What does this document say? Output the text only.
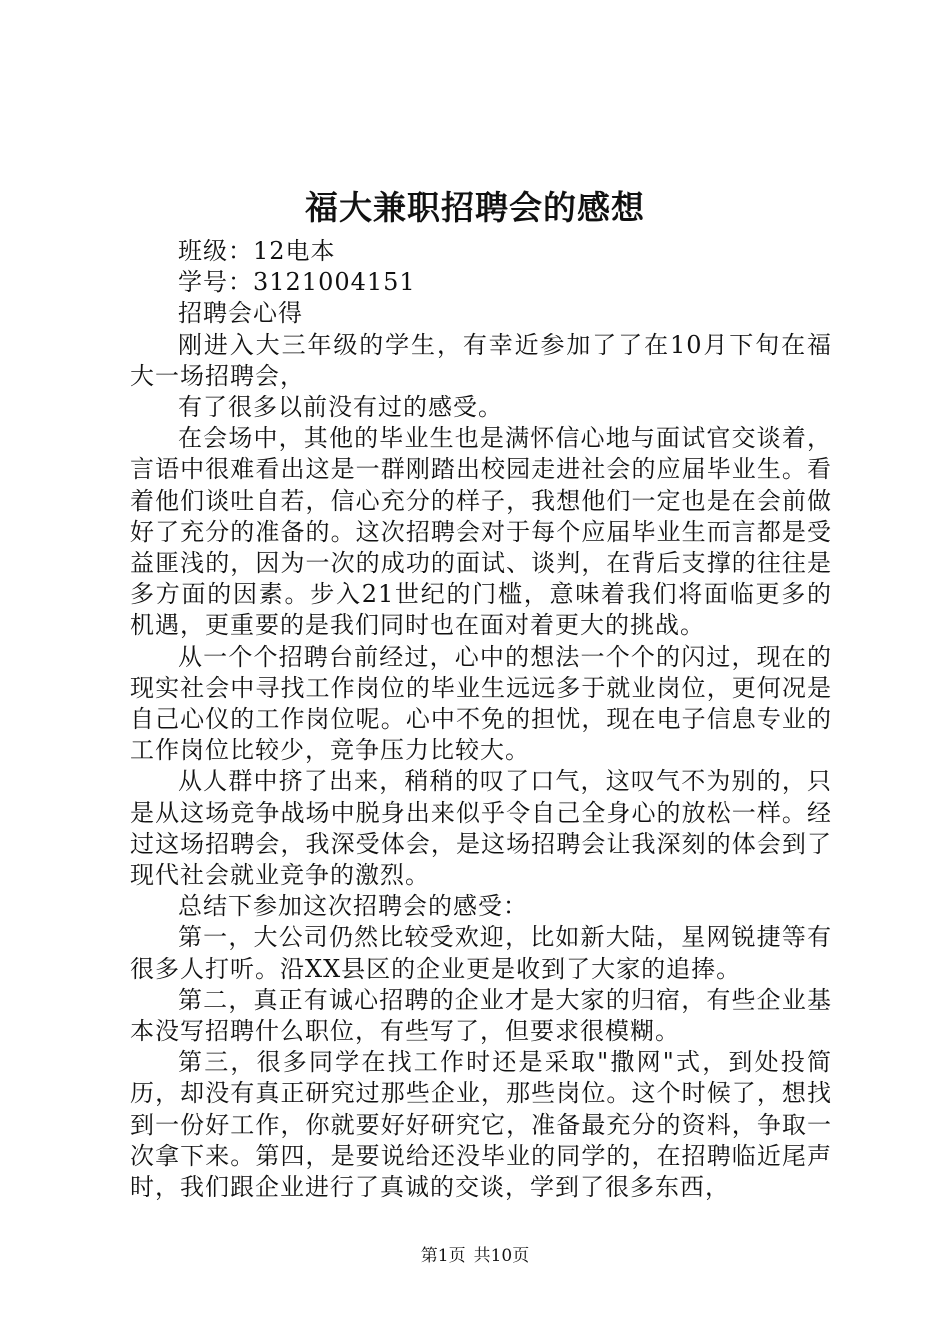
福大兼职招聘会的感想

班级：12电本

学号：3121004151

招聘会心得

刚进入大三年级的学生，有幸近参加了了在10月下旬在福大一场招聘会，

有了很多以前没有过的感受。

在会场中，其他的毕业生也是满怀信心地与面试官交谈着，言语中很难看出这是一群刚踏出校园走进社会的应届毕业生。看着他们谈吐自若，信心充分的样子，我想他们一定也是在会前做好了充分的准备的。这次招聘会对于每个应届毕业生而言都是受益匪浅的，因为一次的成功的面试、谈判，在背后支撑的往往是多方面的因素。步入21世纪的门槛，意味着我们将面临更多的机遇，更重要的是我们同时也在面对着更大的挑战。

从一个个招聘台前经过，心中的想法一个个的闪过，现在的现实社会中寻找工作岗位的毕业生远远多于就业岗位，更何况是自己心仪的工作岗位呢。心中不免的担忧，现在电子信息专业的工作岗位比较少，竞争压力比较大。

从人群中挤了出来，稍稍的叹了口气，这叹气不为别的，只是从这场竞争战场中脱身出来似乎令自己全身心的放松一样。经过这场招聘会，我深受体会，是这场招聘会让我深刻的体会到了现代社会就业竞争的激烈。

总结下参加这次招聘会的感受：

第一，大公司仍然比较受欢迎，比如新大陆，星网锐捷等有很多人打听。沿XX县区的企业更是收到了大家的追捧。

第二，真正有诚心招聘的企业才是大家的归宿，有些企业基本没写招聘什么职位，有些写了，但要求很模糊。

第三，很多同学在找工作时还是采取"撒网"式，到处投简历，却没有真正研究过那些企业，那些岗位。这个时候了，想找到一份好工作，你就要好好研究它，准备最充分的资料，争取一次拿下来。第四，是要说给还没毕业的同学的，在招聘临近尾声时，我们跟企业进行了真诚的交谈，学到了很多东西，

第1页 共10页
